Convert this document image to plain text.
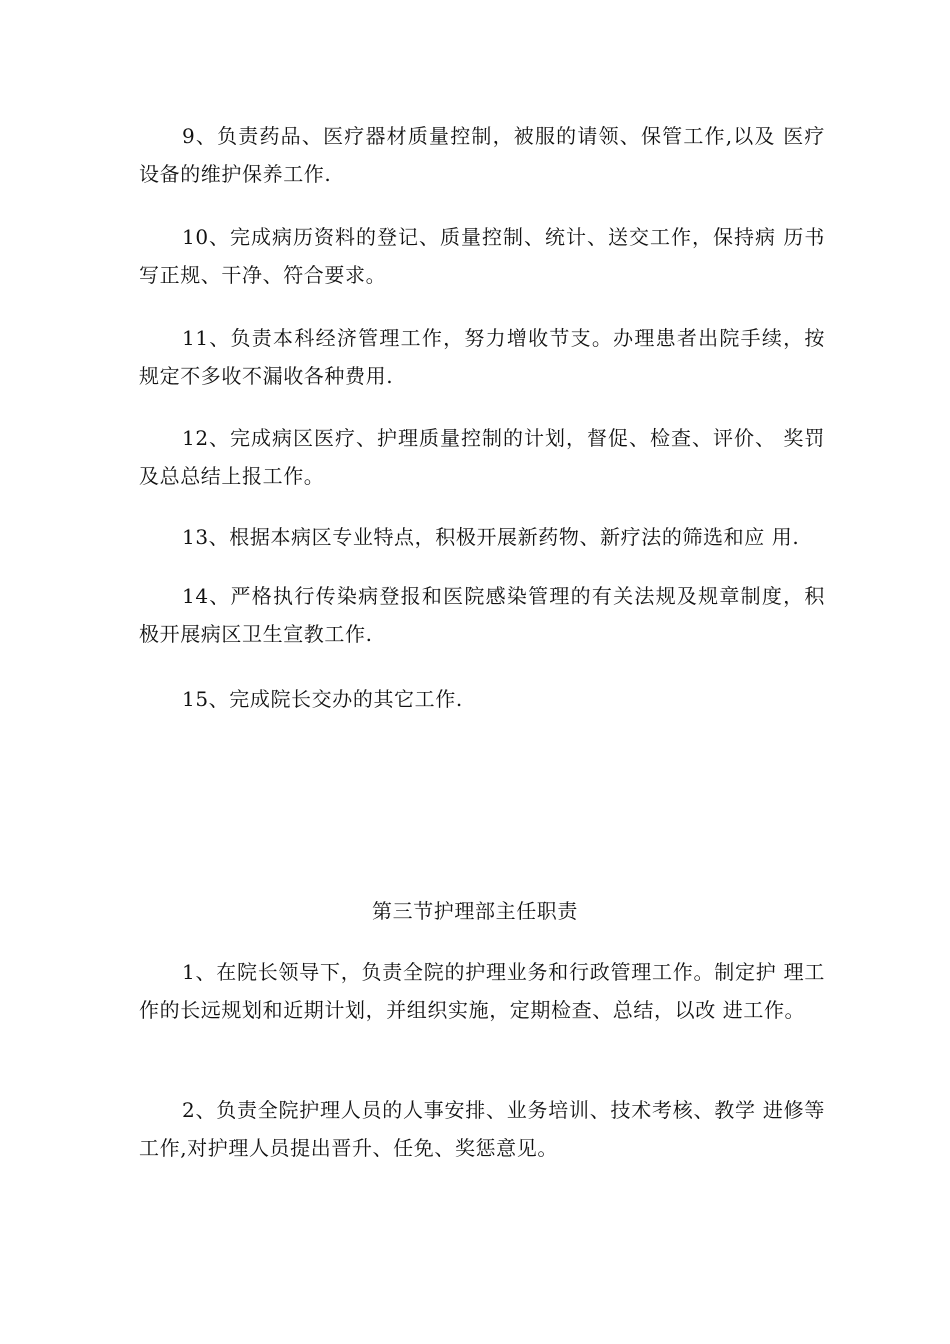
9、负责药品、医疗器材质量控制，被服的请领、保管工作,以及 医疗设备的维护保养工作.

10、完成病历资料的登记、质量控制、统计、送交工作，保持病 历书写正规、干净、符合要求。

11、负责本科经济管理工作，努力增收节支。办理患者出院手续，按规定不多收不漏收各种费用.

12、完成病区医疗、护理质量控制的计划，督促、检查、评价、 奖罚及总总结上报工作。

13、根据本病区专业特点，积极开展新药物、新疗法的筛选和应 用.

14、严格执行传染病登报和医院感染管理的有关法规及规章制度，积极开展病区卫生宣教工作.

15、完成院长交办的其它工作.

第三节护理部主任职责

1、在院长领导下，负责全院的护理业务和行政管理工作。制定护 理工作的长远规划和近期计划，并组织实施，定期检查、总结，以改 进工作。

2、负责全院护理人员的人事安排、业务培训、技术考核、教学 进修等工作,对护理人员提出晋升、任免、奖惩意见。
